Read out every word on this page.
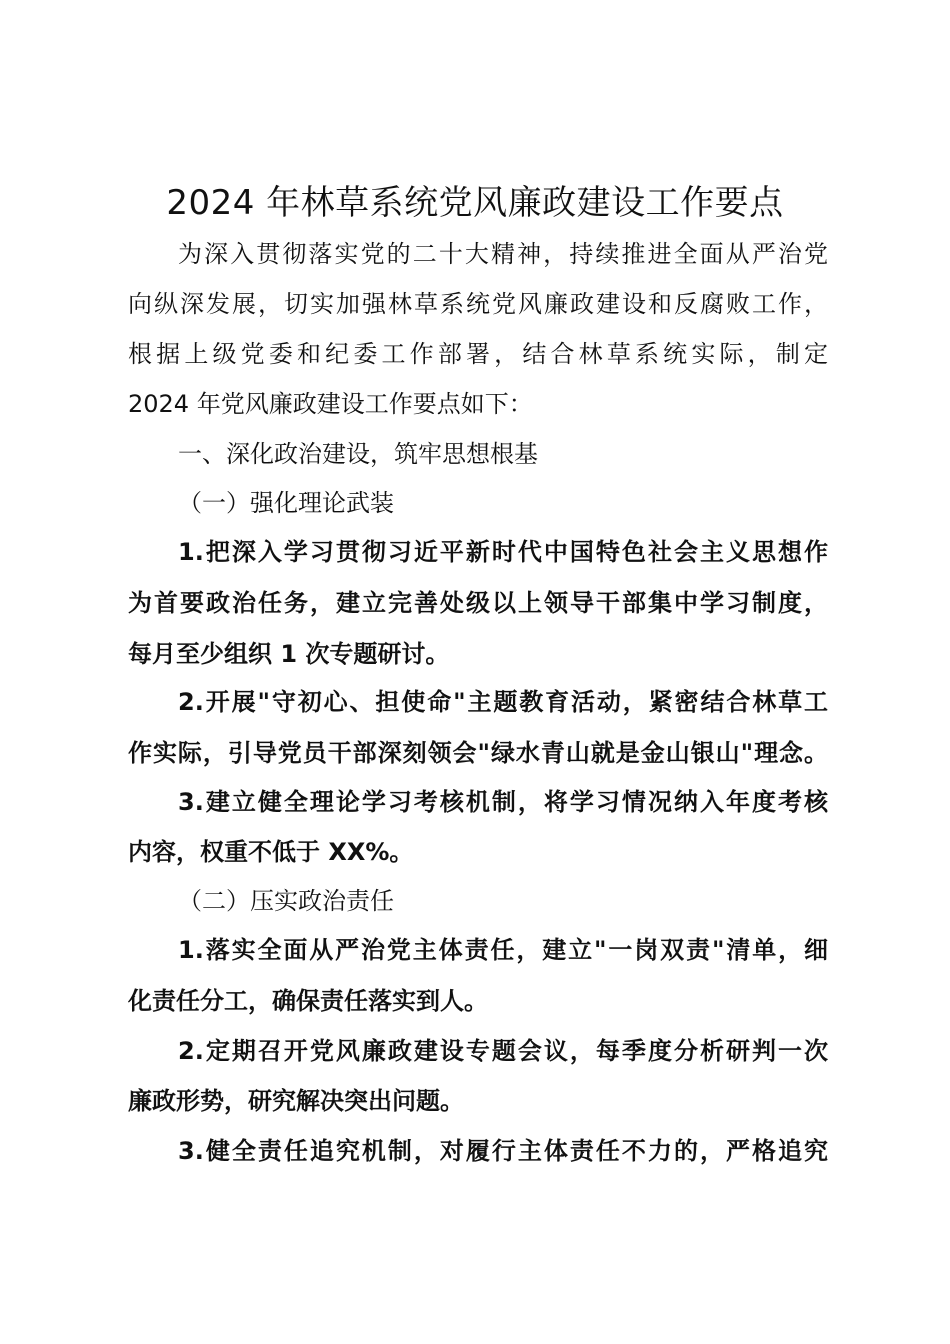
2024 年林草系统党风廉政建设工作要点
为深入贯彻落实党的二十大精神，持续推进全面从严治党
向纵深发展，切实加强林草系统党风廉政建设和反腐败工作，
根据上级党委和纪委工作部署，结合林草系统实际，制定
2024 年党风廉政建设工作要点如下：
一、深化政治建设，筑牢思想根基
（一）强化理论武装
1.把深入学习贯彻习近平新时代中国特色社会主义思想作
为首要政治任务，建立完善处级以上领导干部集中学习制度，
每月至少组织 1 次专题研讨。
2.开展"守初心、担使命"主题教育活动，紧密结合林草工
作实际，引导党员干部深刻领会"绿水青山就是金山银山"理念。
3.建立健全理论学习考核机制，将学习情况纳入年度考核
内容，权重不低于 XX%。
（二）压实政治责任
1.落实全面从严治党主体责任，建立"一岗双责"清单，细
化责任分工，确保责任落实到人。
2.定期召开党风廉政建设专题会议，每季度分析研判一次
廉政形势，研究解决突出问题。
3.健全责任追究机制，对履行主体责任不力的，严格追究
